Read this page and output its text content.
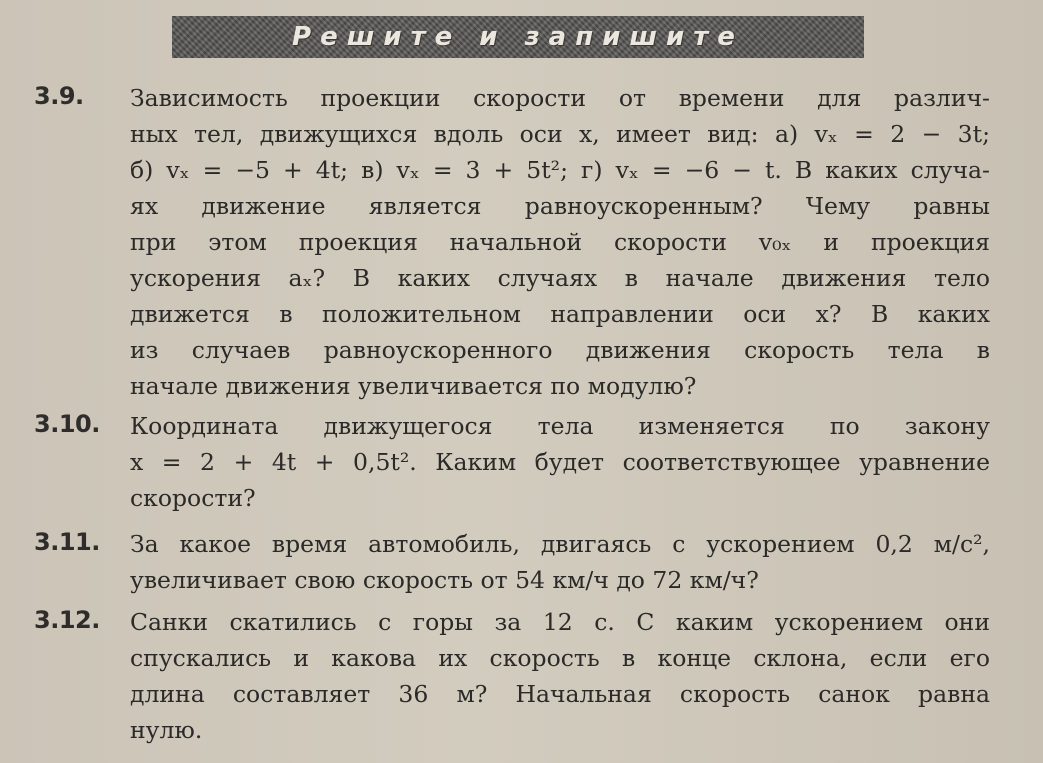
Решите и запишите
3.9. Зависимость проекции скорости от времени для различ-
ных тел, движущихся вдоль оси x, имеет вид: а) vₓ = 2 − 3t;
б) vₓ = −5 + 4t; в) vₓ = 3 + 5t²; г) vₓ = −6 − t. В каких случа-
ях движение является равноускоренным? Чему равны
при этом проекция начальной скорости v₀ₓ и проекция
ускорения aₓ? В каких случаях в начале движения тело
движется в положительном направлении оси x? В каких
из случаев равноускоренного движения скорость тела в
начале движения увеличивается по модулю?
3.10. Координата движущегося тела изменяется по закону
x = 2 + 4t + 0,5t². Каким будет соответствующее уравнение
скорости?
3.11. За какое время автомобиль, двигаясь с ускорением 0,2 м/с²,
увеличивает свою скорость от 54 км/ч до 72 км/ч?
3.12. Санки скатились с горы за 12 с. С каким ускорением они
спускались и какова их скорость в конце склона, если его
длина составляет 36 м? Начальная скорость санок равна
нулю.
